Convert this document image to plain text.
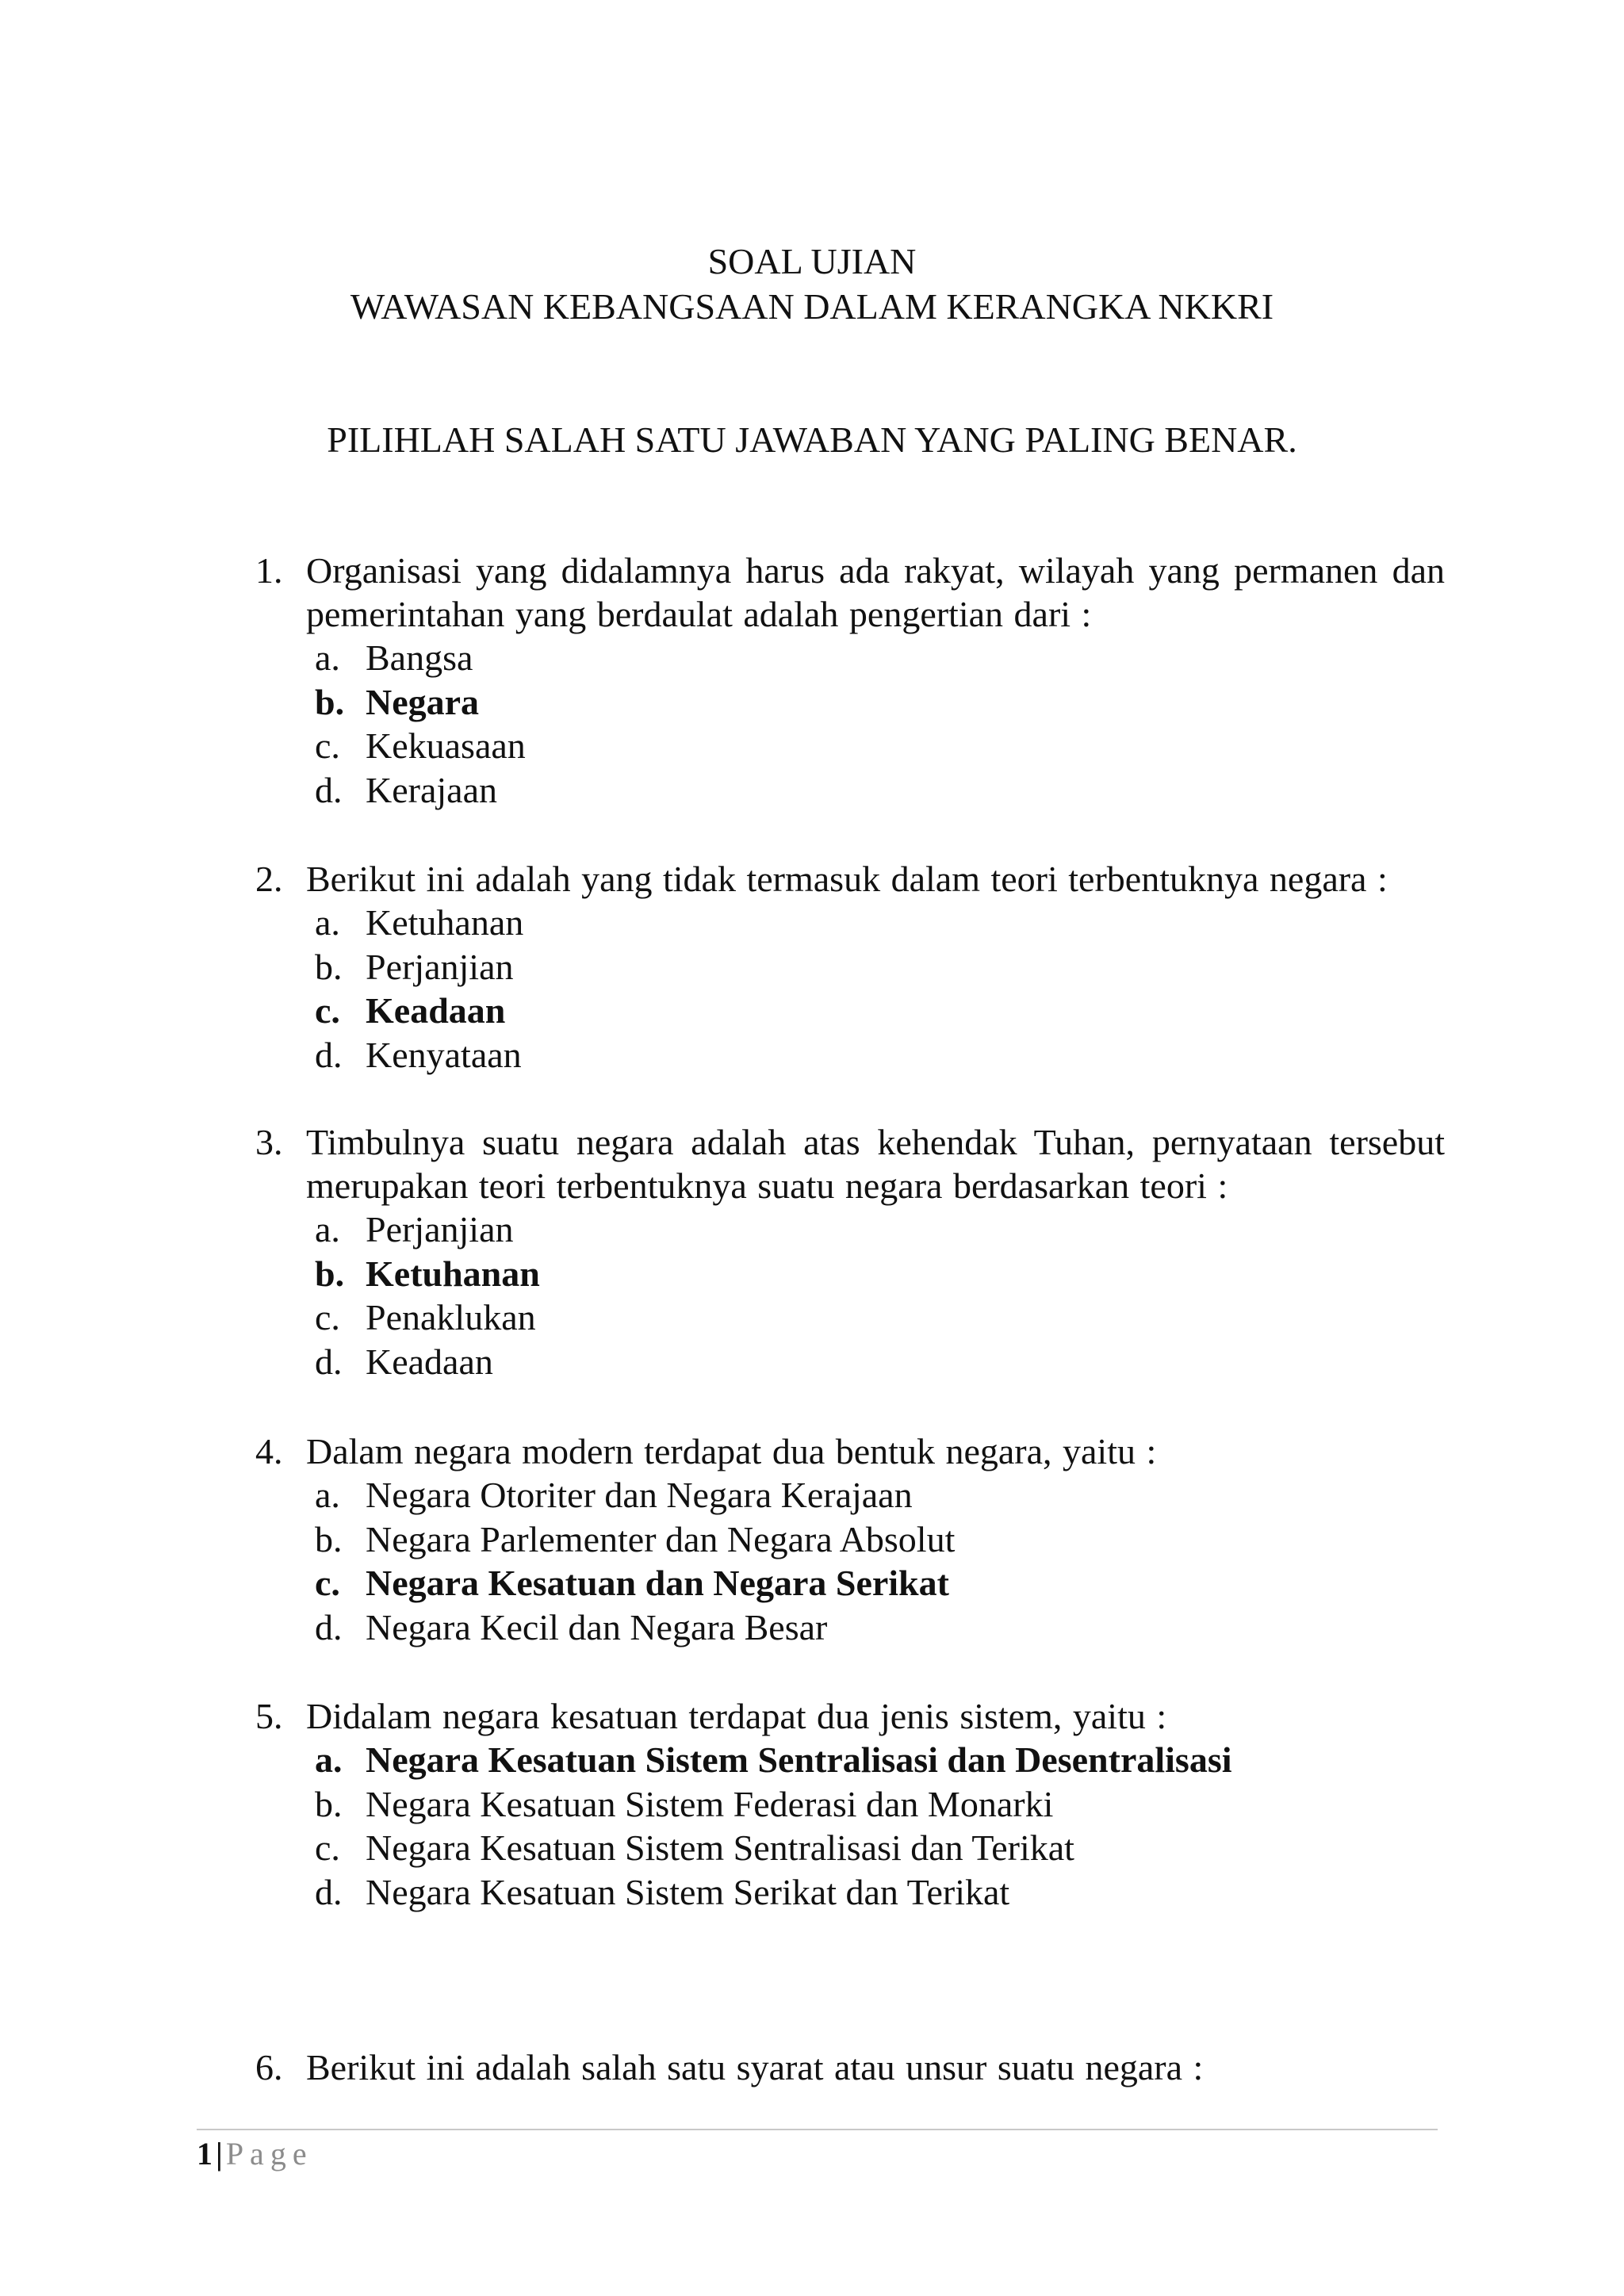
SOAL UJIAN
WAWASAN KEBANGSAAN DALAM KERANGKA NKKRI
PILIHLAH SALAH SATU JAWABAN YANG PALING BENAR.
1. Organisasi yang didalamnya harus ada rakyat, wilayah yang permanen dan pemerintahan yang berdaulat adalah pengertian dari :
a. Bangsa
b. Negara
c. Kekuasaan
d. Kerajaan
2. Berikut ini adalah yang tidak termasuk dalam teori terbentuknya negara :
a. Ketuhanan
b. Perjanjian
c. Keadaan
d. Kenyataan
3. Timbulnya suatu negara adalah atas kehendak Tuhan, pernyataan tersebut merupakan teori terbentuknya suatu negara berdasarkan teori :
a. Perjanjian
b. Ketuhanan
c. Penaklukan
d. Keadaan
4. Dalam negara modern terdapat dua bentuk negara, yaitu :
a. Negara Otoriter dan Negara Kerajaan
b. Negara Parlementer dan Negara Absolut
c. Negara Kesatuan dan Negara Serikat
d. Negara Kecil dan Negara Besar
5. Didalam negara kesatuan terdapat dua jenis sistem, yaitu :
a. Negara Kesatuan Sistem Sentralisasi dan Desentralisasi
b. Negara Kesatuan Sistem Federasi dan Monarki
c. Negara Kesatuan Sistem Sentralisasi dan Terikat
d. Negara Kesatuan Sistem Serikat dan Terikat
6. Berikut ini adalah salah satu syarat atau unsur suatu negara :
1 | Page
